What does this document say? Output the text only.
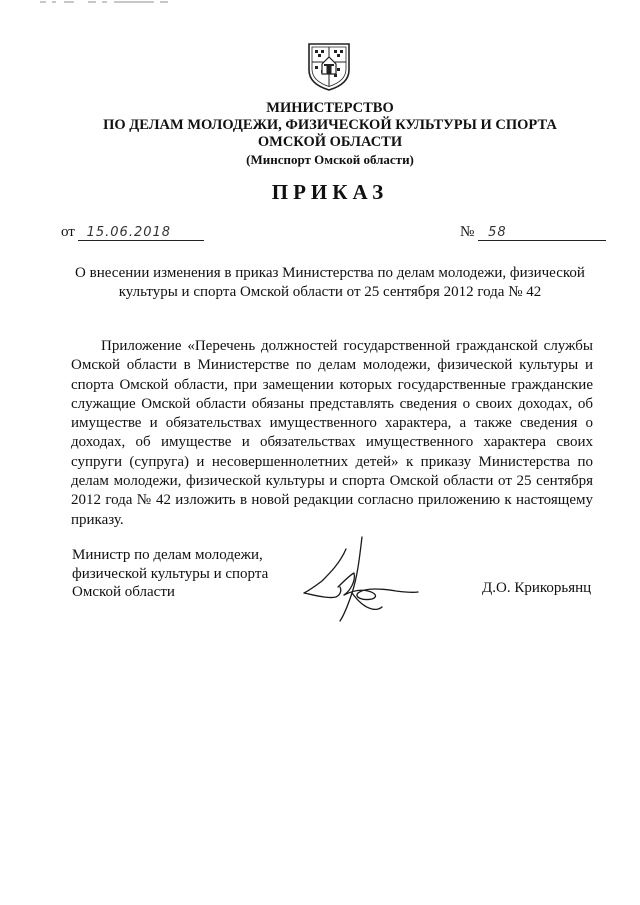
МИНИСТЕРСТВО
ПО ДЕЛАМ МОЛОДЕЖИ, ФИЗИЧЕСКОЙ КУЛЬТУРЫ И СПОРТА
ОМСКОЙ ОБЛАСТИ
(Минспорт Омской области)
ПРИКАЗ
от 15.06.2018	№ 58
О внесении изменения в приказ Министерства по делам молодежи, физической культуры и спорта Омской области от 25 сентября 2012 года № 42
Приложение «Перечень должностей государственной гражданской службы Омской области в Министерстве по делам молодежи, физической культуры и спорта Омской области, при замещении которых государственные гражданские служащие Омской области обязаны представлять сведения о своих доходах, об имуществе и обязательствах имущественного характера, а также сведения о доходах, об имуществе и обязательствах имущественного характера своих супруги (супруга) и несовершеннолетних детей» к приказу Министерства по делам молодежи, физической культуры и спорта Омской области от 25 сентября 2012 года № 42 изложить в новой редакции согласно приложению к настоящему приказу.
Министр по делам молодежи,
физической культуры и спорта
Омской области	Д.О. Крикорьянц
